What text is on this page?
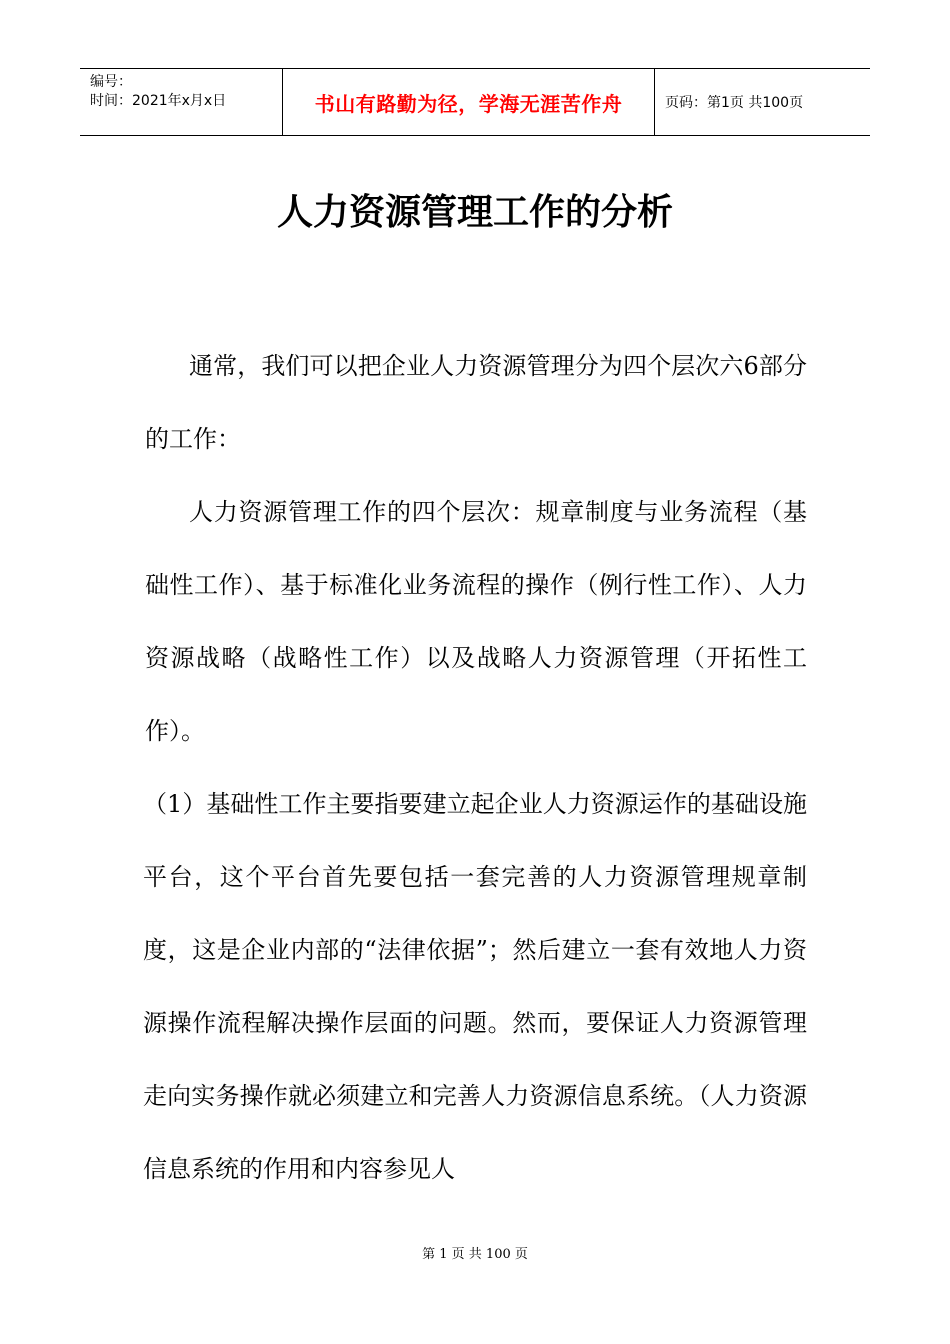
编号：
时间：2021年x月x日	书山有路勤为径，学海无涯苦作舟	页码：第1页 共100页
人力资源管理工作的分析

通常，我们可以把企业人力资源管理分为四个层次六6部分的工作：

人力资源管理工作的四个层次：规章制度与业务流程（基础性工作）、基于标准化业务流程的操作（例行性工作）、人力资源战略（战略性工作）以及战略人力资源管理（开拓性工作）。

（1）基础性工作主要指要建立起企业人力资源运作的基础设施平台，这个平台首先要包括一套完善的人力资源管理规章制度，这是企业内部的“法律依据”；然后建立一套有效地人力资源操作流程解决操作层面的问题。然而，要保证人力资源管理走向实务操作就必须建立和完善人力资源信息系统。（人力资源信息系统的作用和内容参见人

第 1 页 共 100 页
